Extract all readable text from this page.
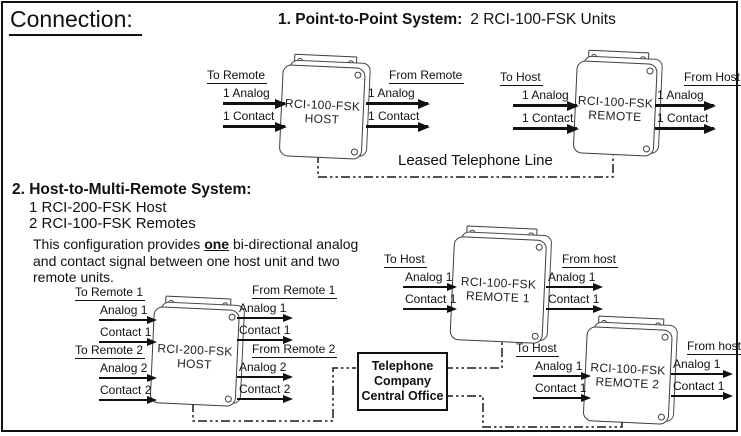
Connection:	1. Point-to-Point System: 2 RCI-100-FSK Units
2. Host-to-Multi-Remote System:
1 RCI-200-FSK Host
2 RCI-100-FSK Remotes
This configuration provides one bi-directional analog and contact signal between one host unit and two remote units.
Leased Telephone Line
RCI-100-FSK
HOST
RCI-100-FSK
REMOTE
To Remote
1 Analog
1 Contact
From Remote
1 Analog
1 Contact
To Host
1 Analog
1 Contact
From Host
1 Analog
1 Contact
RCI-200-FSK
HOST
RCI-100-FSK
REMOTE 1
RCI-100-FSK
REMOTE 2
To Remote 1
Analog 1
Contact 1
To Remote 2
Analog 2
Contact 2
From Remote 1
Analog 1
Contact 1
From Remote 2
Analog 2
Contact 2
To Host
Analog 1
Contact 1
From host
Analog 1
Contact 1
To Host
Analog 1
Contact 1
From host
Analog 1
Contact 1
Telephone
Company
Central Office
